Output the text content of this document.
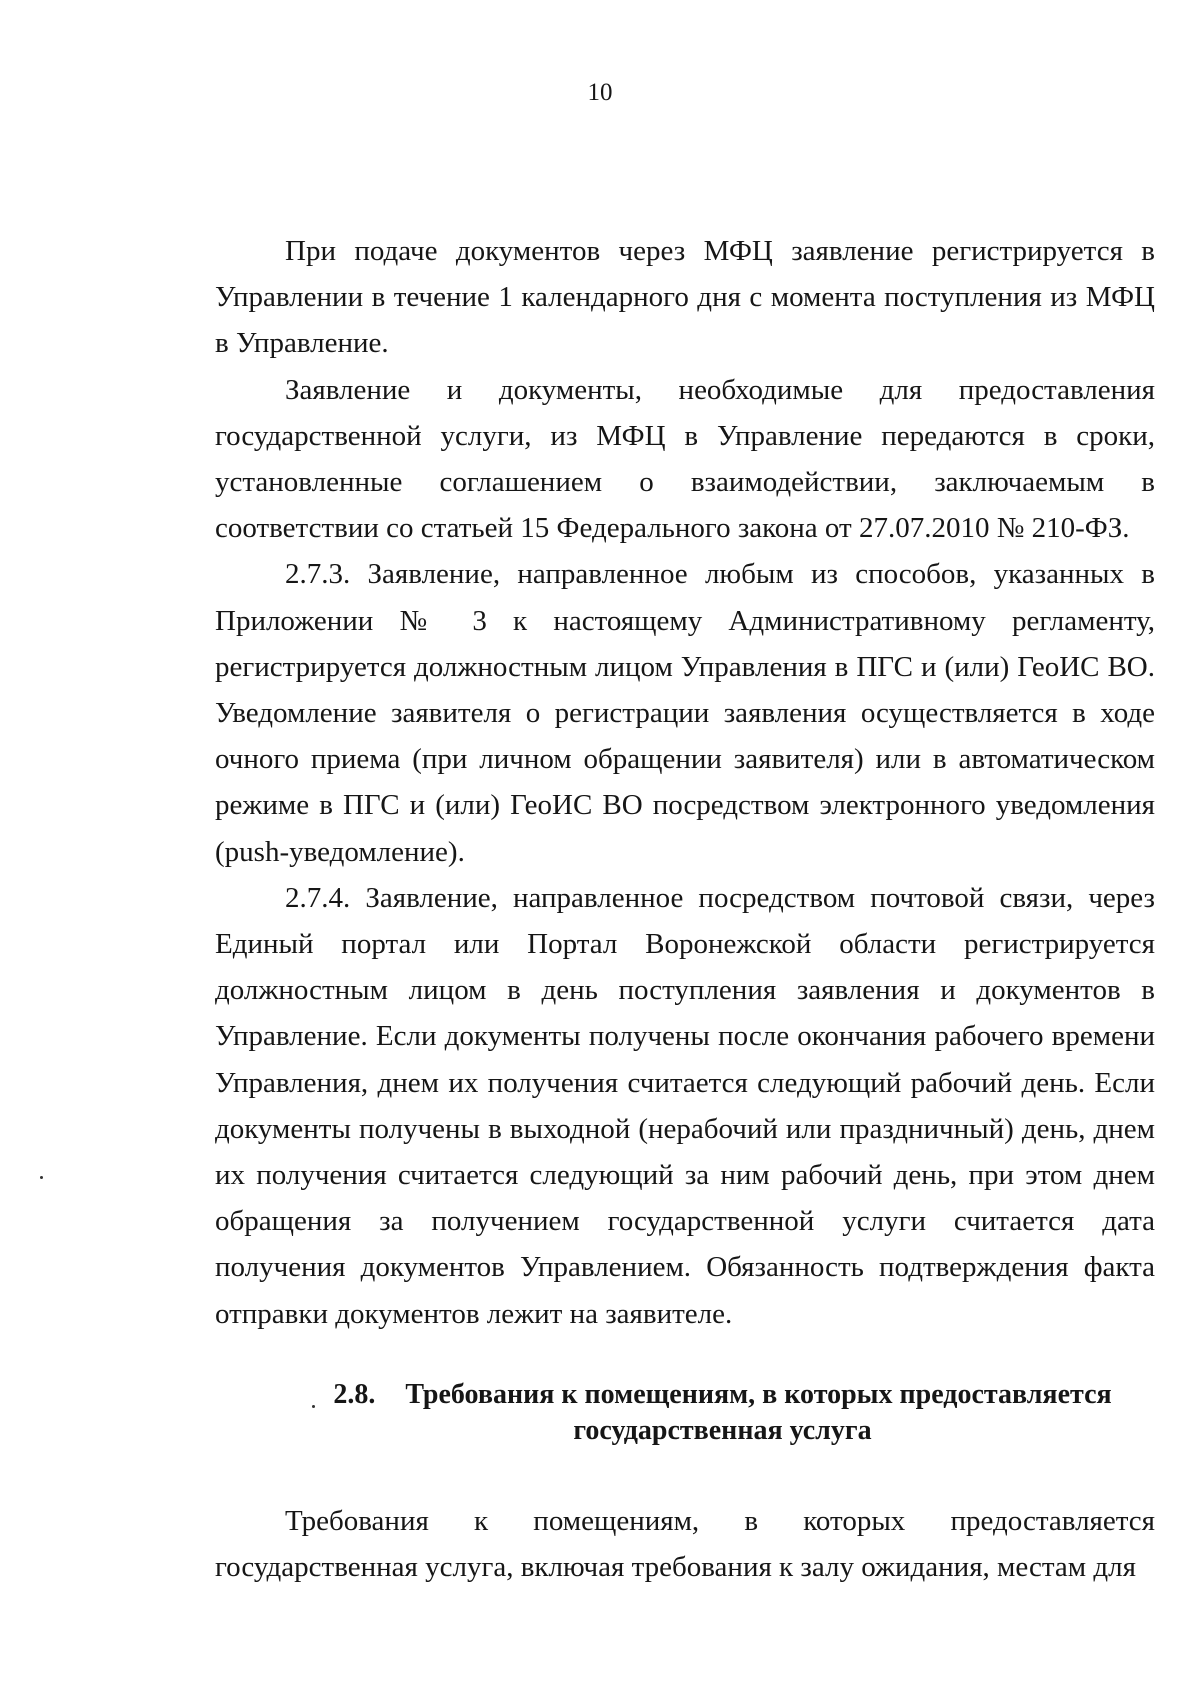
10

При подаче документов через МФЦ заявление регистрируется в Управлении в течение 1 календарного дня с момента поступления из МФЦ в Управление.

Заявление и документы, необходимые для предоставления государственной услуги, из МФЦ в Управление передаются в сроки, установленные соглашением о взаимодействии, заключаемым в соответствии со статьей 15 Федерального закона от 27.07.2010 № 210-ФЗ.

2.7.3. Заявление, направленное любым из способов, указанных в Приложении № 3 к настоящему Административному регламенту, регистрируется должностным лицом Управления в ПГС и (или) ГеоИС ВО. Уведомление заявителя о регистрации заявления осуществляется в ходе очного приема (при личном обращении заявителя) или в автоматическом режиме в ПГС и (или) ГеоИС ВО посредством электронного уведомления (push-уведомление).

2.7.4. Заявление, направленное посредством почтовой связи, через Единый портал или Портал Воронежской области регистрируется должностным лицом в день поступления заявления и документов в Управление. Если документы получены после окончания рабочего времени Управления, днем их получения считается следующий рабочий день. Если документы получены в выходной (нерабочий или праздничный) день, днем их получения считается следующий за ним рабочий день, при этом днем обращения за получением государственной услуги считается дата получения документов Управлением. Обязанность подтверждения факта отправки документов лежит на заявителе.

2.8. Требования к помещениям, в которых предоставляется государственная услуга

Требования к помещениям, в которых предоставляется государственная услуга, включая требования к залу ожидания, местам для
